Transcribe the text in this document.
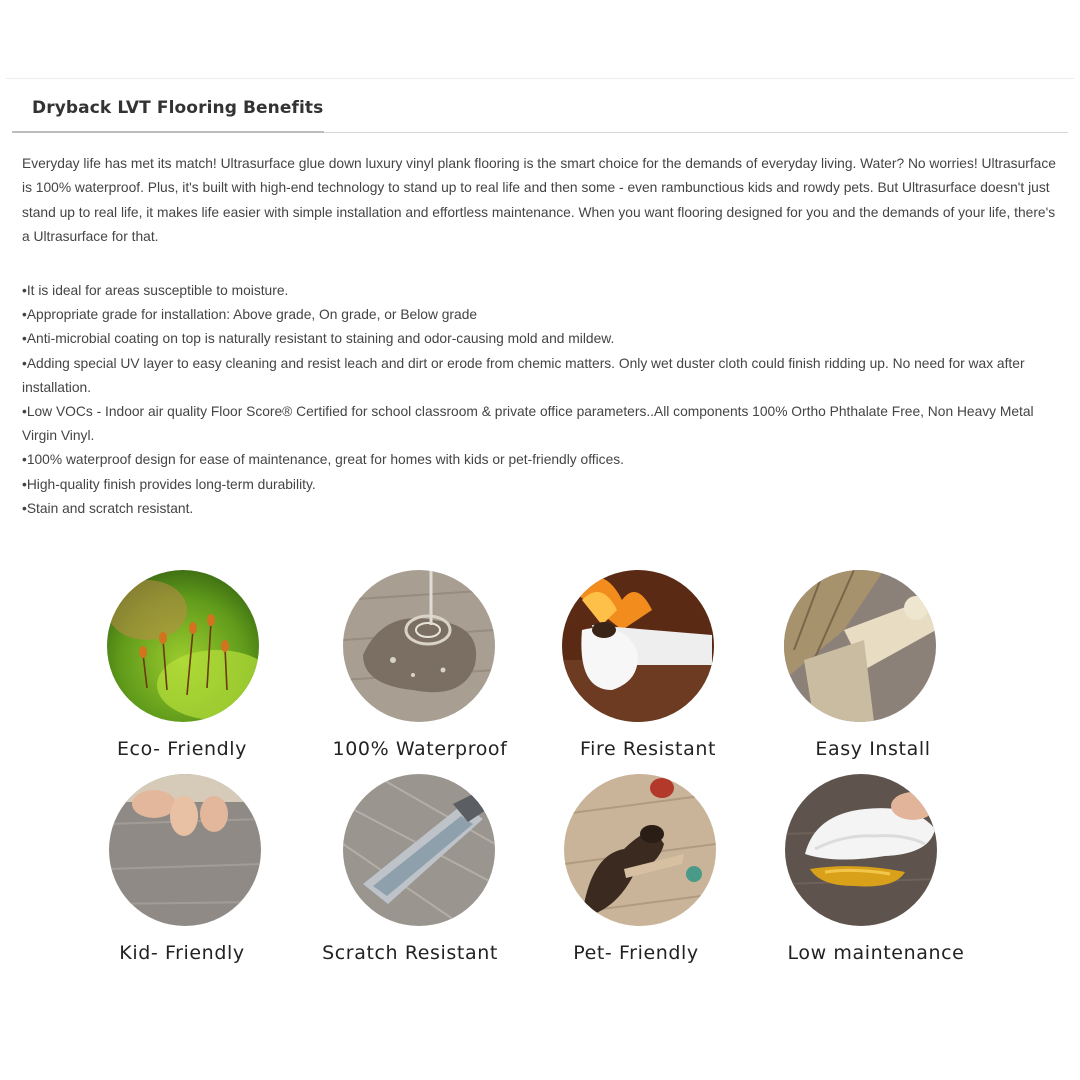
Dryback LVT Flooring Benefits

Everyday life has met its match! Ultrasurface glue down luxury vinyl plank flooring is the smart choice for the demands of everyday living. Water? No worries! Ultrasurface is 100% waterproof. Plus, it's built with high-end technology to stand up to real life and then some - even rambunctious kids and rowdy pets. But Ultrasurface doesn't just stand up to real life, it makes life easier with simple installation and effortless maintenance. When you want flooring designed for you and the demands of your life, there's a Ultrasurface for that.

•It is ideal for areas susceptible to moisture.
•Appropriate grade for installation: Above grade, On grade, or Below grade
•Anti-microbial coating on top is naturally resistant to staining and odor-causing mold and mildew.
•Adding special UV layer to easy cleaning and resist leach and dirt or erode from chemic matters. Only wet duster cloth could finish ridding up. No need for wax after installation.
•Low VOCs - Indoor air quality Floor Score® Certified for school classroom & private office parameters..All components 100% Ortho Phthalate Free, Non Heavy Metal Virgin Vinyl.
•100% waterproof design for ease of maintenance, great for homes with kids or pet-friendly offices.
•High-quality finish provides long-term durability.
•Stain and scratch resistant.
Eco- Friendly	100% Waterproof	Fire Resistant	Easy Install
Kid- Friendly	Scratch Resistant	Pet- Friendly	Low maintenance
